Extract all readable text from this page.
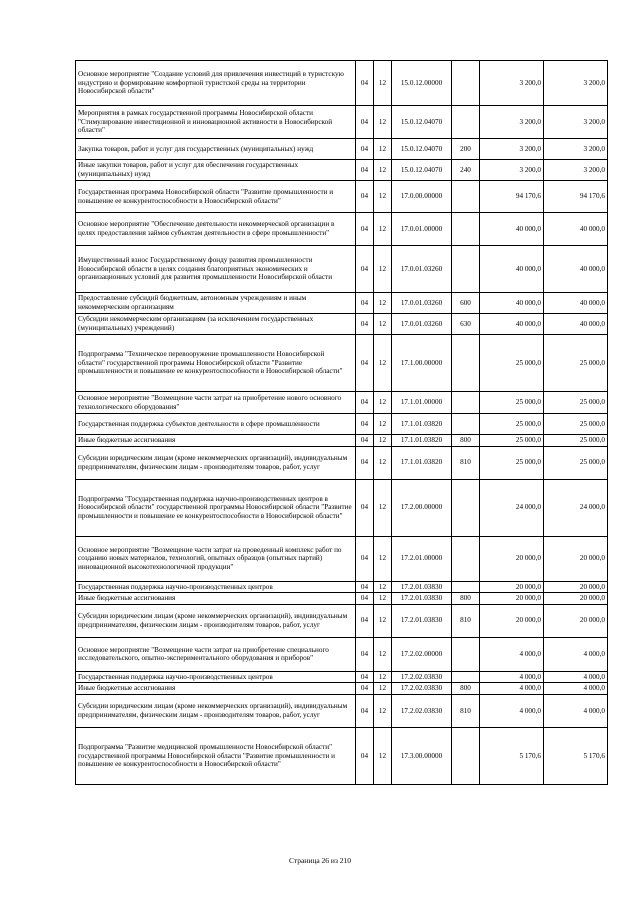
Основное мероприятие "Создание условий для привлечения инвестиций в туристскую индустрию и формирование комфортной туристской среды на территории Новосибирской области"	04	12	15.0.12.00000		3 200,0	3 200,0
Мероприятия в рамках государственной программы Новосибирской области "Стимулирование инвестиционной и инновационной активности в Новосибирской области"	04	12	15.0.12.04070		3 200,0	3 200,0
Закупка товаров, работ и услуг для государственных (муниципальных) нужд	04	12	15.0.12.04070	200	3 200,0	3 200,0
Иные закупки товаров, работ и услуг для обеспечения государственных (муниципальных) нужд	04	12	15.0.12.04070	240	3 200,0	3 200,0
Государственная программа Новосибирской области "Развитие промышленности и повышение ее конкурентоспособности в Новосибирской области"	04	12	17.0.00.00000		94 170,6	94 170,6
Основное мероприятие "Обеспечение деятельности некоммерческой организации в целях предоставления займов субъектам деятельности в сфере промышленности"	04	12	17.0.01.00000		40 000,0	40 000,0
Имущественный взнос Государственному фонду развития промышленности Новосибирской области в целях создания благоприятных экономических и организационных условий для развития промышленности Новосибирской области	04	12	17.0.01.03260		40 000,0	40 000,0
Предоставление субсидий бюджетным, автономным учреждениям и иным некоммерческим организациям	04	12	17.0.01.03260	600	40 000,0	40 000,0
Субсидии некоммерческим организациям (за исключением государственных (муниципальных) учреждений)	04	12	17.0.01.03260	630	40 000,0	40 000,0
Подпрограмма "Техническое перевооружение промышленности Новосибирской области" государственной программы Новосибирской области "Развитие промышленности и повышение ее конкурентоспособности в Новосибирской области"	04	12	17.1.00.00000		25 000,0	25 000,0
Основное мероприятие "Возмещение части затрат на приобретение нового основного технологического оборудования"	04	12	17.1.01.00000		25 000,0	25 000,0
Государственная поддержка субъектов деятельности в сфере промышленности	04	12	17.1.01.03820		25 000,0	25 000,0
Иные бюджетные ассигнования	04	12	17.1.01.03820	800	25 000,0	25 000,0
Субсидии юридическим лицам (кроме некоммерческих организаций), индивидуальным предпринимателям, физическим лицам - производителям товаров, работ, услуг	04	12	17.1.01.03820	810	25 000,0	25 000,0
Подпрограмма "Государственная поддержка научно-производственных центров в Новосибирской области" государственной программы Новосибирской области "Развитие промышленности и повышение ее конкурентоспособности в Новосибирской области"	04	12	17.2.00.00000		24 000,0	24 000,0
Основное мероприятие "Возмещение части затрат на проведенный комплекс работ по созданию новых материалов, технологий, опытных образцов (опытных партий) инновационной высокотехнологичной продукции"	04	12	17.2.01.00000		20 000,0	20 000,0
Государственная поддержка научно-производственных центров	04	12	17.2.01.03830		20 000,0	20 000,0
Иные бюджетные ассигнования	04	12	17.2.01.03830	800	20 000,0	20 000,0
Субсидии юридическим лицам (кроме некоммерческих организаций), индивидуальным предпринимателям, физическим лицам - производителям товаров, работ, услуг	04	12	17.2.01.03830	810	20 000,0	20 000,0
Основное мероприятие "Возмещение части затрат на приобретение специального исследовательского, опытно-экспериментального оборудования и приборов"	04	12	17.2.02.00000		4 000,0	4 000,0
Государственная поддержка научно-производственных центров	04	12	17.2.02.03830		4 000,0	4 000,0
Иные бюджетные ассигнования	04	12	17.2.02.03830	800	4 000,0	4 000,0
Субсидии юридическим лицам (кроме некоммерческих организаций), индивидуальным предпринимателям, физическим лицам - производителям товаров, работ, услуг	04	12	17.2.02.03830	810	4 000,0	4 000,0
Подпрограмма "Развитие медицинской промышленности Новосибирской области" государственной программы Новосибирской области "Развитие промышленности и повышение ее конкурентоспособности в Новосибирской области"	04	12	17.3.00.00000		5 170,6	5 170,6
Страница 26 из 210
